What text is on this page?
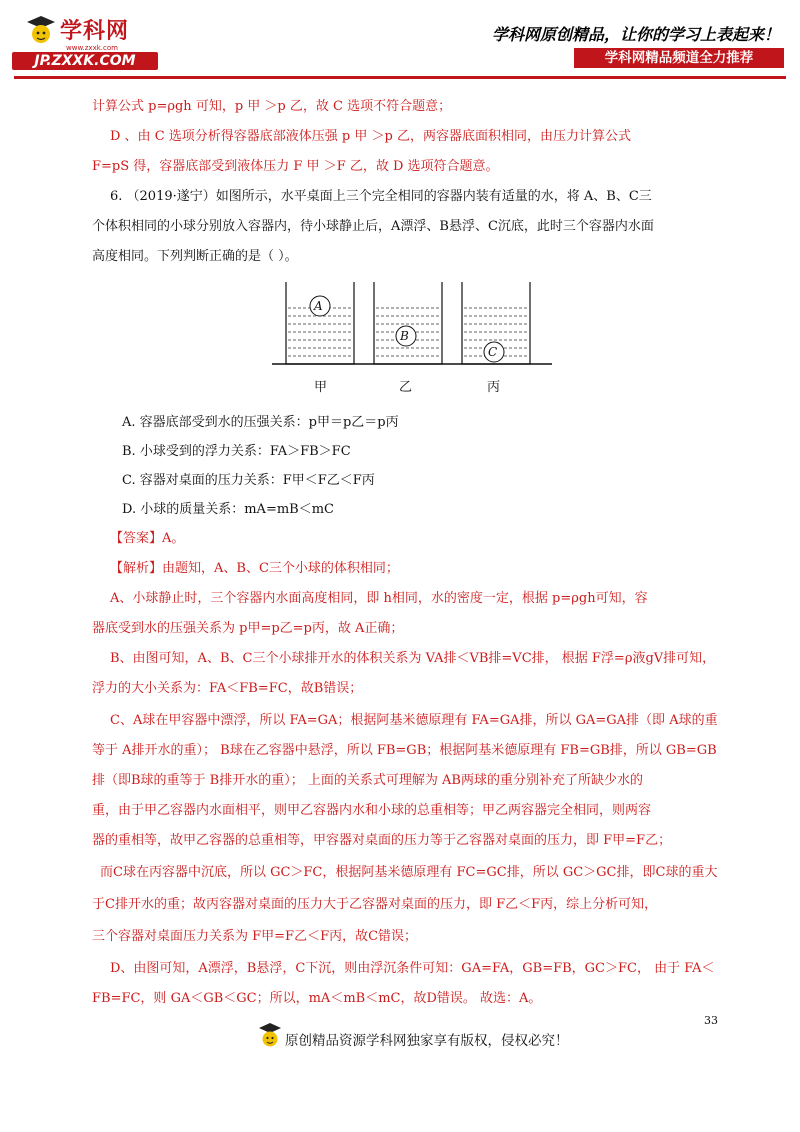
学科网
www.zxxk.com
JP.ZXXK.COM
学科网原创精品，让你的学习上表起来！
学科网精品频道全力推荐
计算公式 p=ρgh 可知，p 甲 ＞p 乙，故 C 选项不符合题意；
D 、由 C 选项分析得容器底部液体压强 p 甲 ＞p 乙，两容器底面积相同，由压力计算公式
F=pS 得，容器底部受到液体压力 F 甲 ＞F 乙，故 D 选项符合题意。
6. （2019·遂宁）如图所示，水平桌面上三个完全相同的容器内装有适量的水，将 A、B、C三
个体积相同的小球分别放入容器内，待小球静止后，A漂浮、B悬浮、C沉底，此时三个容器内水面
高度相同。下列判断正确的是（ ）。
A
B
C
甲	乙	丙
A. 容器底部受到水的压强关系：p甲＝p乙＝p丙
B. 小球受到的浮力关系：FA＞FB＞FC
C. 容器对桌面的压力关系：F甲＜F乙＜F丙
D. 小球的质量关系：mA=mB＜mC
【答案】A。
【解析】由题知，A、B、C三个小球的体积相同；
A、小球静止时，三个容器内水面高度相同，即 h相同，水的密度一定，根据 p=ρgh可知，容
器底受到水的压强关系为 p甲=p乙=p丙，故 A正确；
B、由图可知，A、B、C三个小球排开水的体积关系为 VA排＜VB排=VC排， 根据 F浮=ρ液gV排可知，
浮力的大小关系为：FA＜FB=FC，故B错误；
C、A球在甲容器中漂浮，所以 FA=GA；根据阿基米德原理有 FA=GA排，所以 GA=GA排（即 A球的重
等于 A排开水的重）； B球在乙容器中悬浮，所以 FB=GB；根据阿基米德原理有 FB=GB排，所以 GB=GB
排（即B球的重等于 B排开水的重）； 上面的关系式可理解为 AB两球的重分别补充了所缺少水的
重，由于甲乙容器内水面相平，则甲乙容器内水和小球的总重相等；甲乙两容器完全相同，则两容
器的重相等，故甲乙容器的总重相等，甲容器对桌面的压力等于乙容器对桌面的压力，即 F甲=F乙；
而C球在丙容器中沉底，所以 GC＞FC，根据阿基米德原理有 FC=GC排，所以 GC＞GC排，即C球的重大
于C排开水的重；故丙容器对桌面的压力大于乙容器对桌面的压力，即 F乙＜F丙，综上分析可知，
三个容器对桌面压力关系为 F甲=F乙＜F丙，故C错误；
D、由图可知，A漂浮，B悬浮，C下沉，则由浮沉条件可知：GA=FA，GB=FB，GC＞FC， 由于 FA＜
FB=FC，则 GA＜GB＜GC；所以，mA＜mB＜mC，故D错误。 故选：A。
33
原创精品资源学科网独家享有版权，侵权必究！
